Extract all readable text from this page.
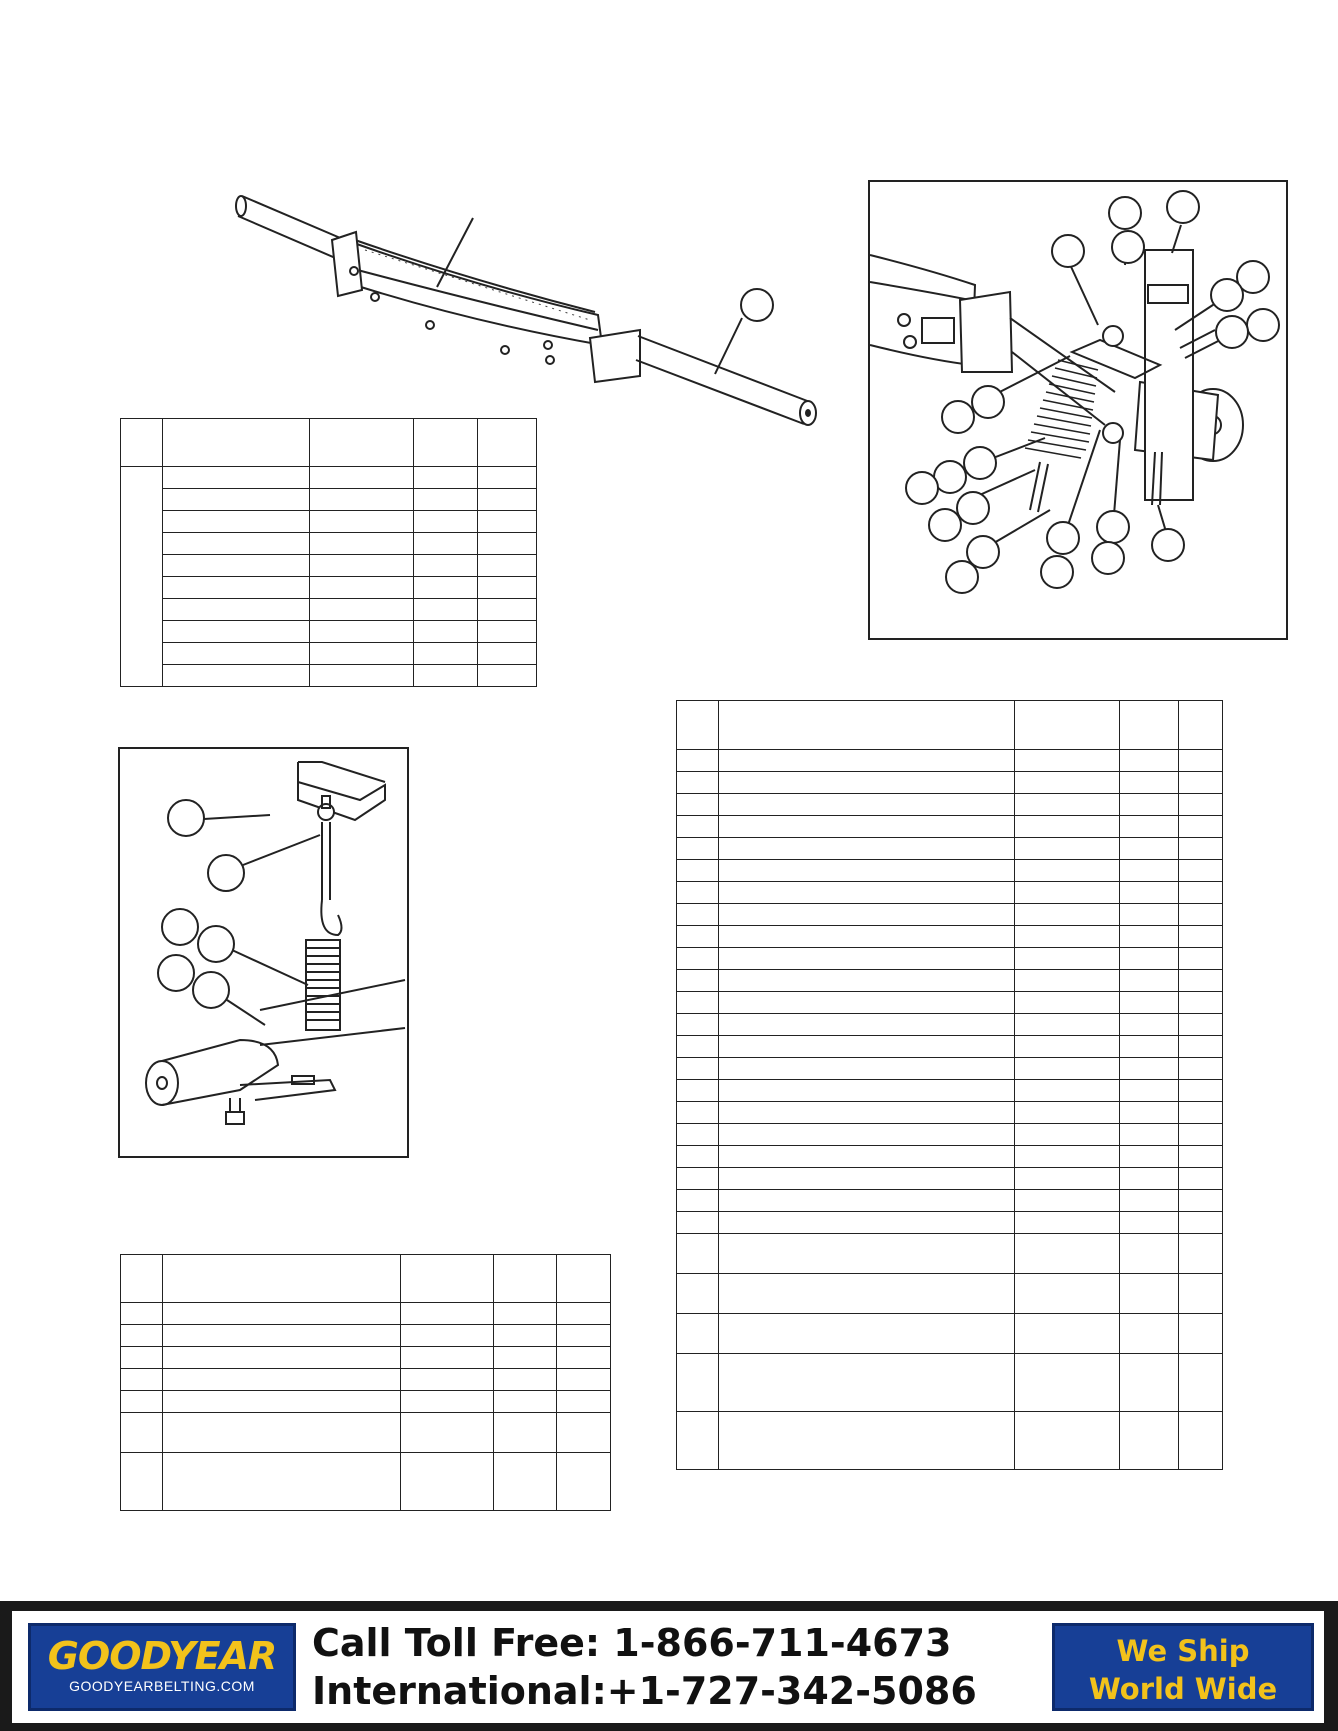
GOODYEAR
GOODYEARBELTING.COM
Call Toll Free: 1-866-711-4673
International:+1-727-342-5086
We Ship
World Wide
